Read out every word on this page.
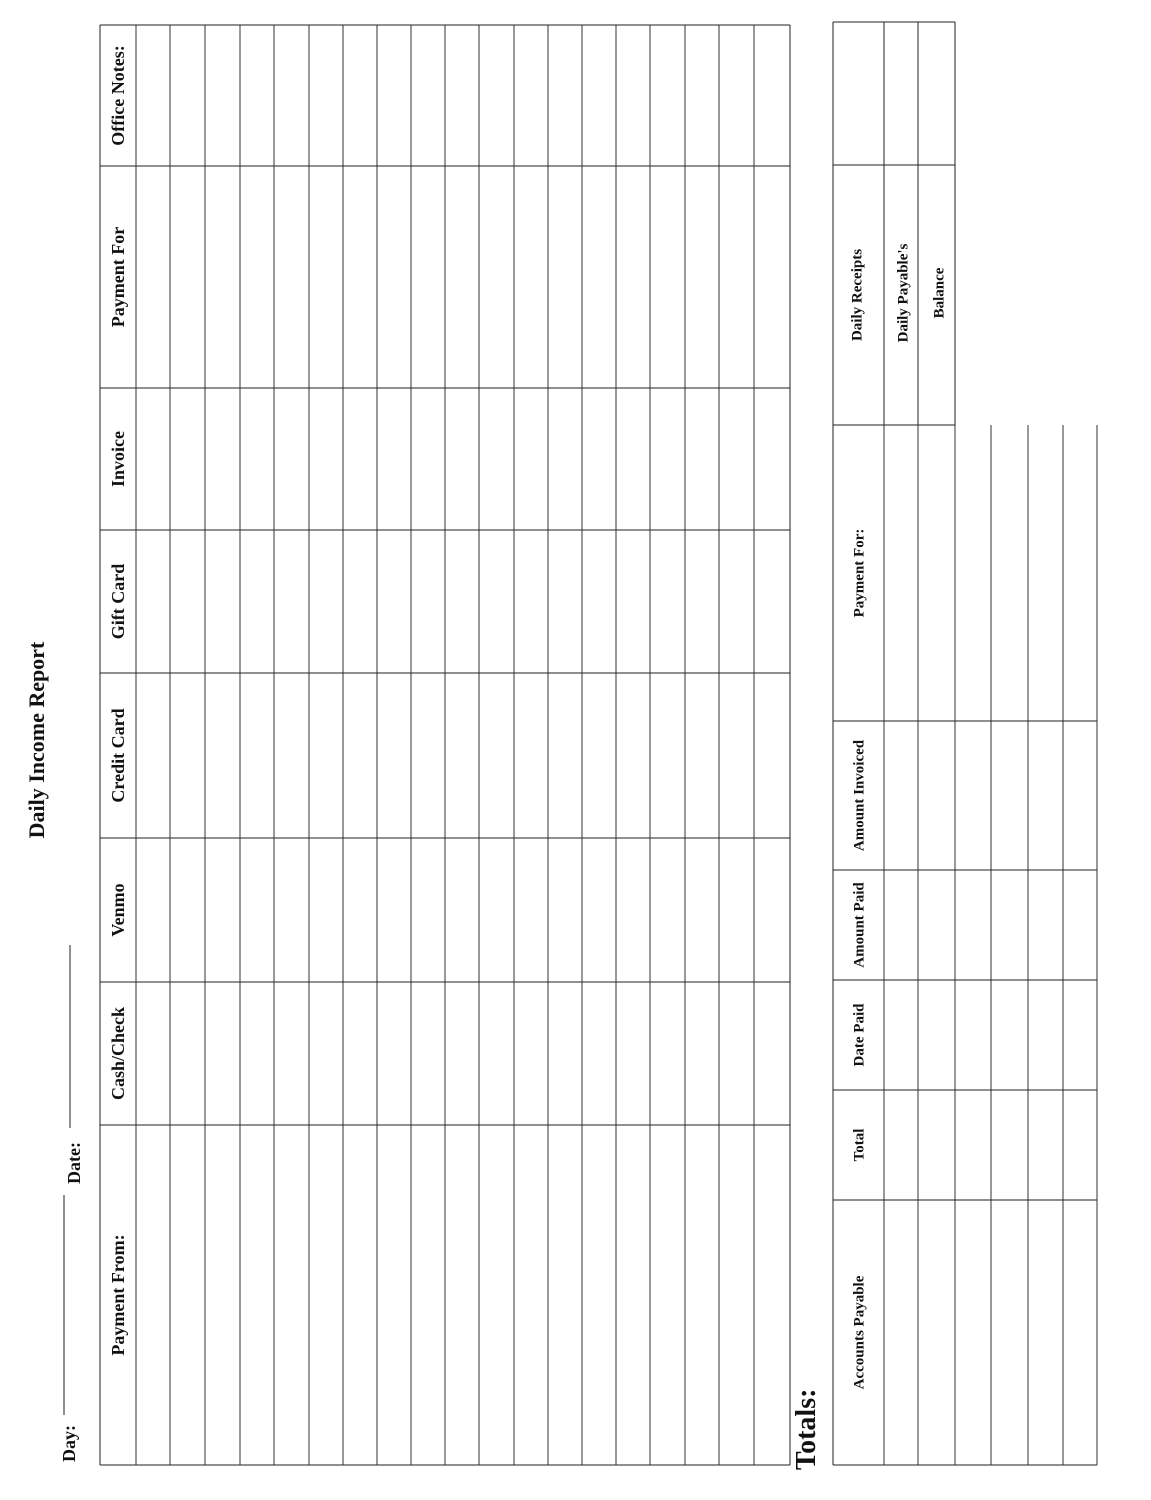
Daily Income Report
Day:
Date:
Payment From:
Cash/Check
Venmo
Credit Card
Gift Card
Invoice
Payment For
Office Notes:
Totals:
Daily Receipts Daily Payable's Balance
Accounts Payable
Total
Date Paid
Amount Paid
Amount Invoiced
Payment For:
